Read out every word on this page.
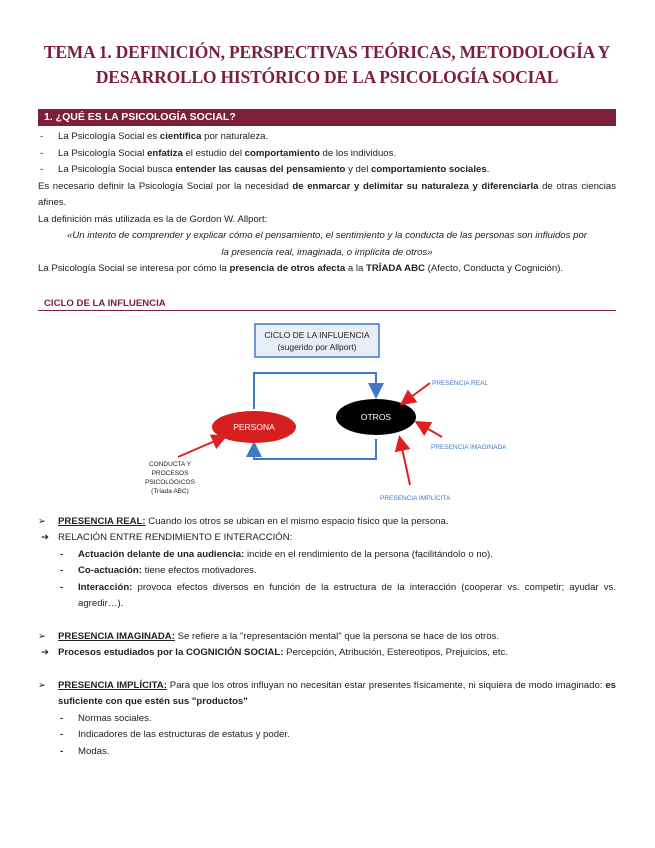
TEMA 1. DEFINICIÓN, PERSPECTIVAS TEÓRICAS, METODOLOGÍA Y
DESARROLLO HISTÓRICO DE LA PSICOLOGÍA SOCIAL
1. ¿QUÉ ES LA PSICOLOGÍA SOCIAL?

- La Psicología Social es científica por naturaleza.

- La Psicología Social enfatiza el estudio del comportamiento de los individuos.

- La Psicología Social busca entender las causas del pensamiento y del comportamiento sociales.

Es necesario definir la Psicología Social por la necesidad de enmarcar y delimitar su naturaleza y diferenciarla de otras ciencias afines.

La definición más utilizada es la de Gordon W. Allport:

«Un intento de comprender y explicar cómo el pensamiento, el sentimiento y la conducta de las personas son influidos por

la presencia real, imaginada, o implícita de otros»

La Psicología Social se interesa por cómo la presencia de otros afecta a la TRÍADA ABC (Afecto, Conducta y Cognición).

CICLO DE LA INFLUENCIA
CICLO DE LA INFLUENCIA
(sugerido por Allport)
PERSONA
OTROS
PRESENCIA REAL
PRESENCIA IMAGINADA
PRESENCIA IMPLÍCITA
CONDUCTA Y
PROCESOS
PSICOLÓGICOS
(Tríada ABC)

➢ PRESENCIA REAL: Cuando los otros se ubican en el mismo espacio físico que la persona.

➔ RELACIÓN ENTRE RENDIMIENTO E INTERACCIÓN:
- Actuación delante de una audiencia: incide en el rendimiento de la persona (facilitándolo o no).
- Co-actuación: tiene efectos motivadores.
- Interacción: provoca efectos diversos en función de la estructura de la interacción (cooperar vs. competir; ayudar vs. agredir…).

➢ PRESENCIA IMAGINADA: Se refiere a la "representación mental" que la persona se hace de los otros.

➔ Procesos estudiados por la COGNICIÓN SOCIAL: Percepción, Atribución, Estereotipos, Prejuicios, etc.

➢ PRESENCIA IMPLÍCITA: Para que los otros influyan no necesitan estar presentes físicamente, ni siquiera de modo imaginado: es suficiente con que estén sus "productos"

- Normas sociales.
- Indicadores de las estructuras de estatus y poder.
- Modas.
